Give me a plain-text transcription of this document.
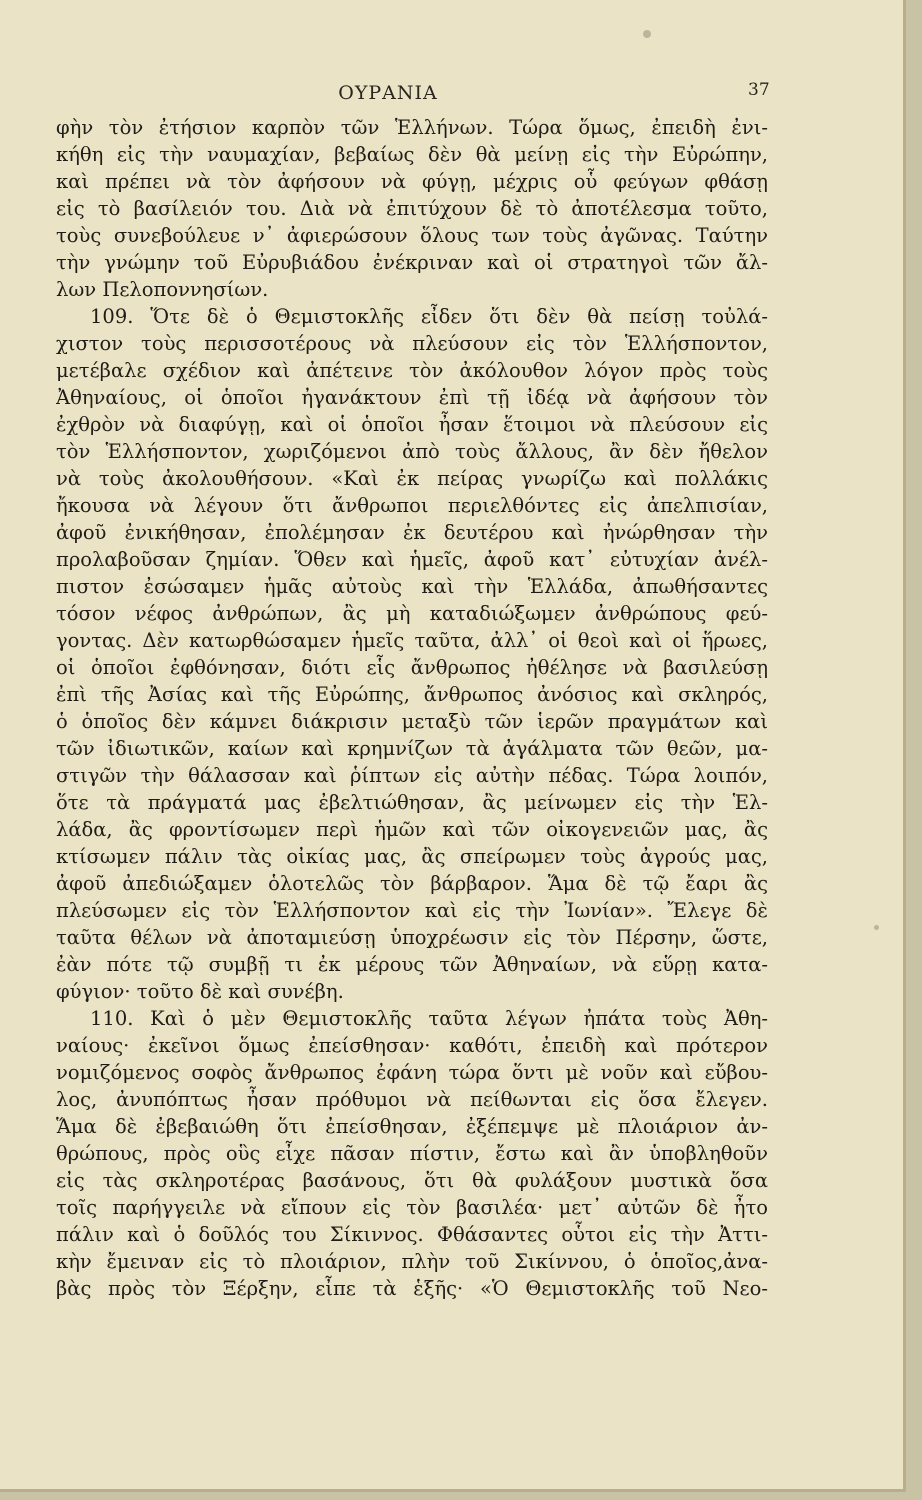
ΟΥΡΑΝΙΑ	37
φὴν τὸν ἐτήσιον καρπὸν τῶν Ἑλλήνων. Τώρα ὅμως, ἐπειδὴ ἐνι-
κήθη εἰς τὴν ναυμαχίαν, βεβαίως δὲν θὰ μείνῃ εἰς τὴν Εὐρώπην,
καὶ πρέπει νὰ τὸν ἀφήσουν νὰ φύγῃ, μέχρις οὗ φεύγων φθάσῃ
εἰς τὸ βασίλειόν του. Διὰ νὰ ἐπιτύχουν δὲ τὸ ἀποτέλεσμα τοῦτο,
τοὺς συνεβούλευε ν᾽ ἀφιερώσουν ὅλους των τοὺς ἀγῶνας. Ταύτην
τὴν γνώμην τοῦ Εὐρυβιάδου ἐνέκριναν καὶ οἱ στρατηγοὶ τῶν ἄλ-
λων Πελοποννησίων.
109. Ὅτε δὲ ὁ Θεμιστοκλῆς εἶδεν ὅτι δὲν θὰ πείσῃ τοὐλά-
χιστον τοὺς περισσοτέρους νὰ πλεύσουν εἰς τὸν Ἑλλήσποντον,
μετέβαλε σχέδιον καὶ ἀπέτεινε τὸν ἀκόλουθον λόγον πρὸς τοὺς
Ἀθηναίους, οἱ ὁποῖοι ἠγανάκτουν ἐπὶ τῇ ἰδέᾳ νὰ ἀφήσουν τὸν
ἐχθρὸν νὰ διαφύγῃ, καὶ οἱ ὁποῖοι ἦσαν ἕτοιμοι νὰ πλεύσουν εἰς
τὸν Ἑλλήσποντον, χωριζόμενοι ἀπὸ τοὺς ἄλλους, ἂν δὲν ἤθελον
νὰ τοὺς ἀκολουθήσουν. «Καὶ ἐκ πείρας γνωρίζω καὶ πολλάκις
ἤκουσα νὰ λέγουν ὅτι ἄνθρωποι περιελθόντες εἰς ἀπελπισίαν,
ἀφοῦ ἐνικήθησαν, ἐπολέμησαν ἐκ δευτέρου καὶ ἠνώρθησαν τὴν
προλαβοῦσαν ζημίαν. Ὅθεν καὶ ἡμεῖς, ἀφοῦ κατ᾽ εὐτυχίαν ἀνέλ-
πιστον ἐσώσαμεν ἡμᾶς αὐτοὺς καὶ τὴν Ἑλλάδα, ἀπωθήσαντες
τόσον νέφος ἀνθρώπων, ἂς μὴ καταδιώξωμεν ἀνθρώπους φεύ-
γοντας. Δὲν κατωρθώσαμεν ἡμεῖς ταῦτα, ἀλλ᾽ οἱ θεοὶ καὶ οἱ ἥρωες,
οἱ ὁποῖοι ἐφθόνησαν, διότι εἷς ἄνθρωπος ἠθέλησε νὰ βασιλεύσῃ
ἐπὶ τῆς Ἀσίας καὶ τῆς Εὐρώπης, ἄνθρωπος ἀνόσιος καὶ σκληρός,
ὁ ὁποῖος δὲν κάμνει διάκρισιν μεταξὺ τῶν ἱερῶν πραγμάτων καὶ
τῶν ἰδιωτικῶν, καίων καὶ κρημνίζων τὰ ἀγάλματα τῶν θεῶν, μα-
στιγῶν τὴν θάλασσαν καὶ ῥίπτων εἰς αὐτὴν πέδας. Τώρα λοιπόν,
ὅτε τὰ πράγματά μας ἐβελτιώθησαν, ἂς μείνωμεν εἰς τὴν Ἑλ-
λάδα, ἂς φροντίσωμεν περὶ ἡμῶν καὶ τῶν οἰκογενειῶν μας, ἂς
κτίσωμεν πάλιν τὰς οἰκίας μας, ἂς σπείρωμεν τοὺς ἀγρούς μας,
ἀφοῦ ἀπεδιώξαμεν ὁλοτελῶς τὸν βάρβαρον. Ἅμα δὲ τῷ ἔαρι ἂς
πλεύσωμεν εἰς τὸν Ἑλλήσποντον καὶ εἰς τὴν Ἰωνίαν». Ἔλεγε δὲ
ταῦτα θέλων νὰ ἀποταμιεύσῃ ὑποχρέωσιν εἰς τὸν Πέρσην, ὥστε,
ἐὰν πότε τῷ συμβῇ τι ἐκ μέρους τῶν Ἀθηναίων, νὰ εὕρῃ κατα-
φύγιον· τοῦτο δὲ καὶ συνέβη.
110. Καὶ ὁ μὲν Θεμιστοκλῆς ταῦτα λέγων ἠπάτα τοὺς Ἀθη-
ναίους· ἐκεῖνοι ὅμως ἐπείσθησαν· καθότι, ἐπειδὴ καὶ πρότερον
νομιζόμενος σοφὸς ἄνθρωπος ἐφάνη τώρα ὅντι μὲ νοῦν καὶ εὔβου-
λος, ἀνυπόπτως ἦσαν πρόθυμοι νὰ πείθωνται εἰς ὅσα ἔλεγεν.
Ἅμα δὲ ἐβεβαιώθη ὅτι ἐπείσθησαν, ἐξέπεμψε μὲ πλοιάριον ἀν-
θρώπους, πρὸς οὓς εἶχε πᾶσαν πίστιν, ἔστω καὶ ἂν ὑποβληθοῦν
εἰς τὰς σκληροτέρας βασάνους, ὅτι θὰ φυλάξουν μυστικὰ ὅσα
τοῖς παρήγγειλε νὰ εἴπουν εἰς τὸν βασιλέα· μετ᾽ αὐτῶν δὲ ἦτο
πάλιν καὶ ὁ δοῦλός του Σίκιννος. Φθάσαντες οὗτοι εἰς τὴν Ἀττι-
κὴν ἔμειναν εἰς τὸ πλοιάριον, πλὴν τοῦ Σικίννου, ὁ ὁποῖος,ἀνα-
βὰς πρὸς τὸν Ξέρξην, εἶπε τὰ ἑξῆς· «Ὁ Θεμιστοκλῆς τοῦ Νεο-
